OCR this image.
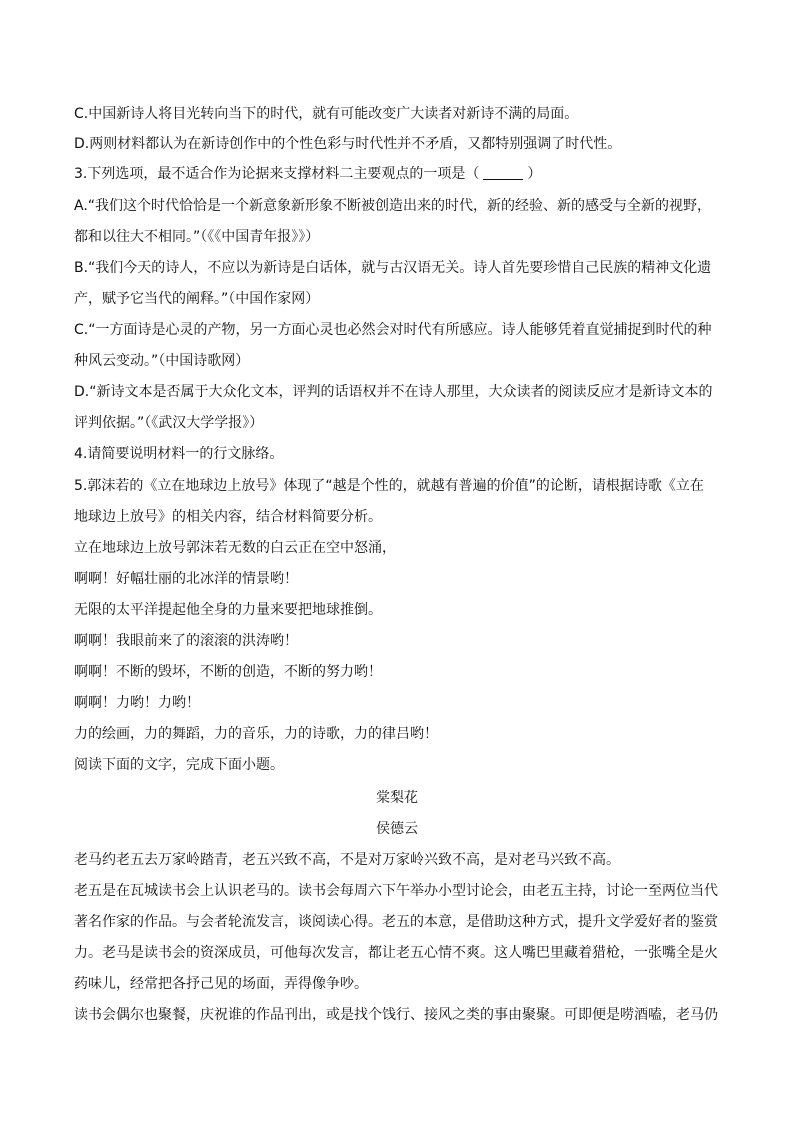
C.中国新诗人将目光转向当下的时代，就有可能改变广大读者对新诗不满的局面。
D.两则材料都认为在新诗创作中的个性色彩与时代性并不矛盾，又都特别强调了时代性。
3.下列选项，最不适合作为论据来支撑材料二主要观点的一项是（	）
A.“我们这个时代恰恰是一个新意象新形象不断被创造出来的时代，新的经验、新的感受与全新的视野，
都和以往大不相同。”（《《中国青年报》》）
B.“我们今天的诗人，不应以为新诗是白话体，就与古汉语无关。诗人首先要珍惜自己民族的精神文化遗
产，赋予它当代的阐释。”（中国作家网）
C.“一方面诗是心灵的产物，另一方面心灵也必然会对时代有所感应。诗人能够凭着直觉捕捉到时代的种
种风云变动。”（中国诗歌网）
D.“新诗文本是否属于大众化文本，评判的话语权并不在诗人那里，大众读者的阅读反应才是新诗文本的
评判依据。”（《武汉大学学报》）
4.请简要说明材料一的行文脉络。
5.郭沫若的《立在地球边上放号》体现了“越是个性的，就越有普遍的价值”的论断，请根据诗歌《立在
地球边上放号》的相关内容，结合材料简要分析。
立在地球边上放号郭沫若无数的白云正在空中怒涌，
啊啊！好幅壮丽的北冰洋的情景哟！
无限的太平洋提起他全身的力量来要把地球推倒。
啊啊！我眼前来了的滚滚的洪涛哟！
啊啊！不断的毁坏，不断的创造，不断的努力哟！
啊啊！力哟！力哟！
力的绘画，力的舞蹈，力的音乐，力的诗歌，力的律吕哟！
阅读下面的文字，完成下面小题。
棠梨花
侯德云
老马约老五去万家岭踏青，老五兴致不高，不是对万家岭兴致不高，是对老马兴致不高。
老五是在瓦城读书会上认识老马的。读书会每周六下午举办小型讨论会，由老五主持，讨论一至两位当代
著名作家的作品。与会者轮流发言，谈阅读心得。老五的本意，是借助这种方式，提升文学爱好者的鉴赏
力。老马是读书会的资深成员，可他每次发言，都让老五心情不爽。这人嘴巴里藏着猎枪，一张嘴全是火
药味儿，经常把各抒己见的场面，弄得像争吵。
读书会偶尔也聚餐，庆祝谁的作品刊出，或是找个饯行、接风之类的事由聚聚。可即便是唠酒嗑，老马仍
